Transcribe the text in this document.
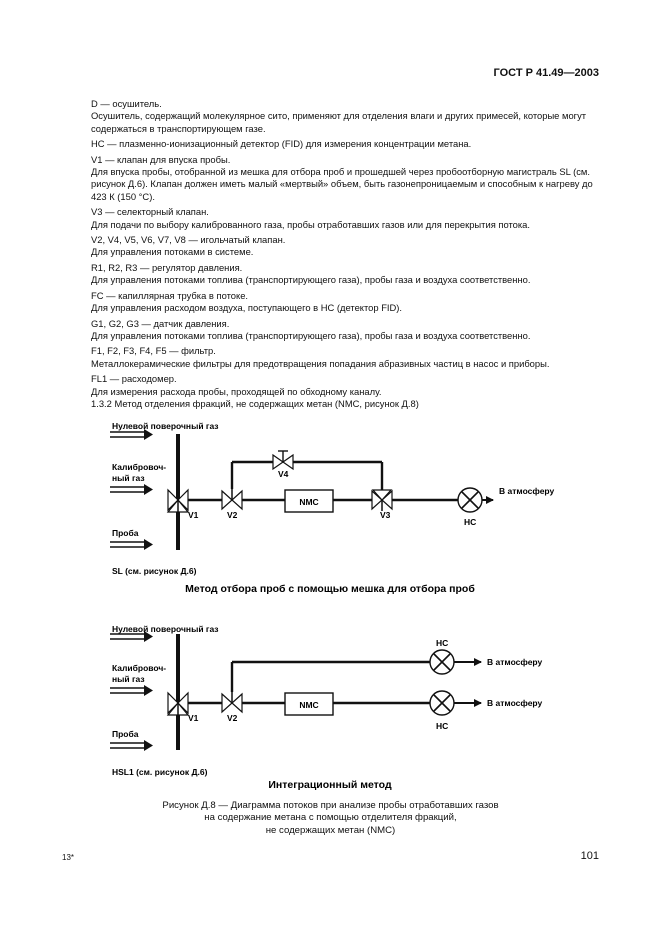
ГОСТ Р 41.49—2003

D — осушитель.

Осушитель, содержащий молекулярное сито, применяют для отделения влаги и других примесей, которые могут содержаться в транспортирующем газе.

HC — плазменно-ионизационный детектор (FID) для измерения концентрации метана.

V1 — клапан для впуска пробы.

Для впуска пробы, отобранной из мешка для отбора проб и прошедшей через пробоотборную магистраль SL (см. рисунок Д.6). Клапан должен иметь малый «мертвый» объем, быть газонепроницаемым и способным к нагреву до 423 К (150 °С).

V3 — селекторный клапан.

Для подачи по выбору калиброванного газа, пробы отработавших газов или для перекрытия потока.

V2, V4, V5, V6, V7, V8 — игольчатый клапан.

Для управления потоками в системе.

R1, R2, R3 — регулятор давления.

Для управления потоками топлива (транспортирующего газа), пробы газа и воздуха соответственно.

FC — капиллярная трубка в потоке.

Для управления расходом воздуха, поступающего в HC (детектор FID).

G1, G2, G3 — датчик давления.

Для управления потоками топлива (транспортирующего газа), пробы газа и воздуха соответственно.

F1, F2, F3, F4, F5 — фильтр.

Металлокерамические фильтры для предотвращения попадания абразивных частиц в насос и приборы.

FL1 — расходомер.

Для измерения расхода пробы, проходящей по обходному каналу.

1.3.2 Метод отделения фракций, не содержащих метан (NMC, рисунок Д.8)

Нулевой поверочный газ
Калибровоч-
ный газ
Проба
V1	V2
V4
NMC
V3
HC
В атмосферу
SL (см. рисунок Д.6)
Метод отбора проб с помощью мешка для отбора проб
Нулевой поверочный газ
Калибровоч-
ный газ
Проба
V1	V2
HC
В атмосферу
NMC
HC
В атмосферу
HSL1 (см. рисунок Д.6)
Интеграционный метод
Рисунок Д.8 — Диаграмма потоков при анализе пробы отработавших газов
на содержание метана с помощью отделителя фракций,
не содержащих метан (NMC)
13*	101
